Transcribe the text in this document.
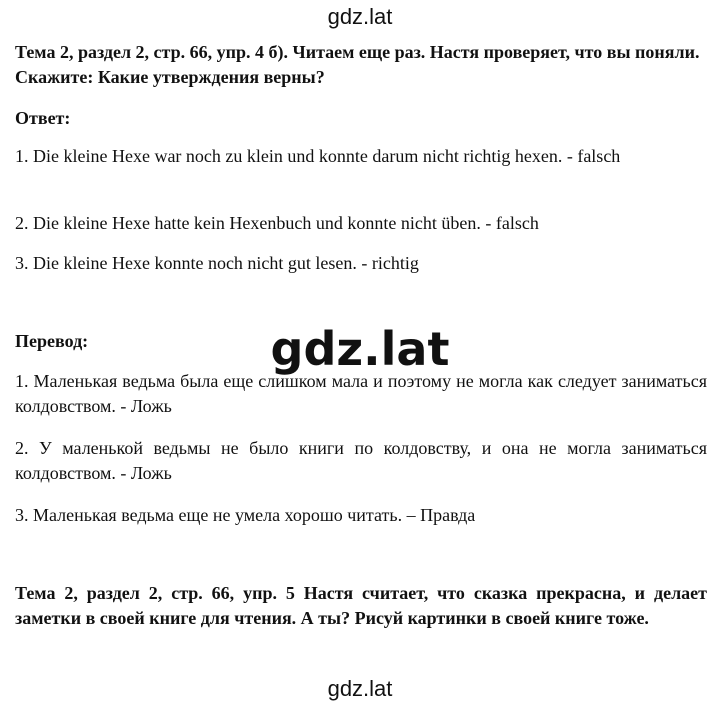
gdz.lat
Тема 2, раздел 2, стр. 66, упр. 4 б). Читаем еще раз. Настя проверяет, что вы поняли. Скажите: Какие утверждения верны?
Ответ:
1. Die kleine Hexe war noch zu klein und konnte darum nicht richtig hexen. - falsch
2. Die kleine Hexe hatte kein Hexenbuch und konnte nicht üben. - falsch
3. Die kleine Hexe konnte noch nicht gut lesen. - richtig
Перевод:
1. Маленькая ведьма была еще слишком мала и поэтому не могла как следует заниматься колдовством. - Ложь
2. У маленькой ведьмы не было книги по колдовству, и она не могла заниматься колдовством. - Ложь
3. Маленькая ведьма еще не умела хорошо читать. – Правда
Тема 2, раздел 2, стр. 66, упр. 5 Настя считает, что сказка прекрасна, и делает заметки в своей книге для чтения. А ты? Рисуй картинки в своей книге тоже.
gdz.lat
gdz.lat
